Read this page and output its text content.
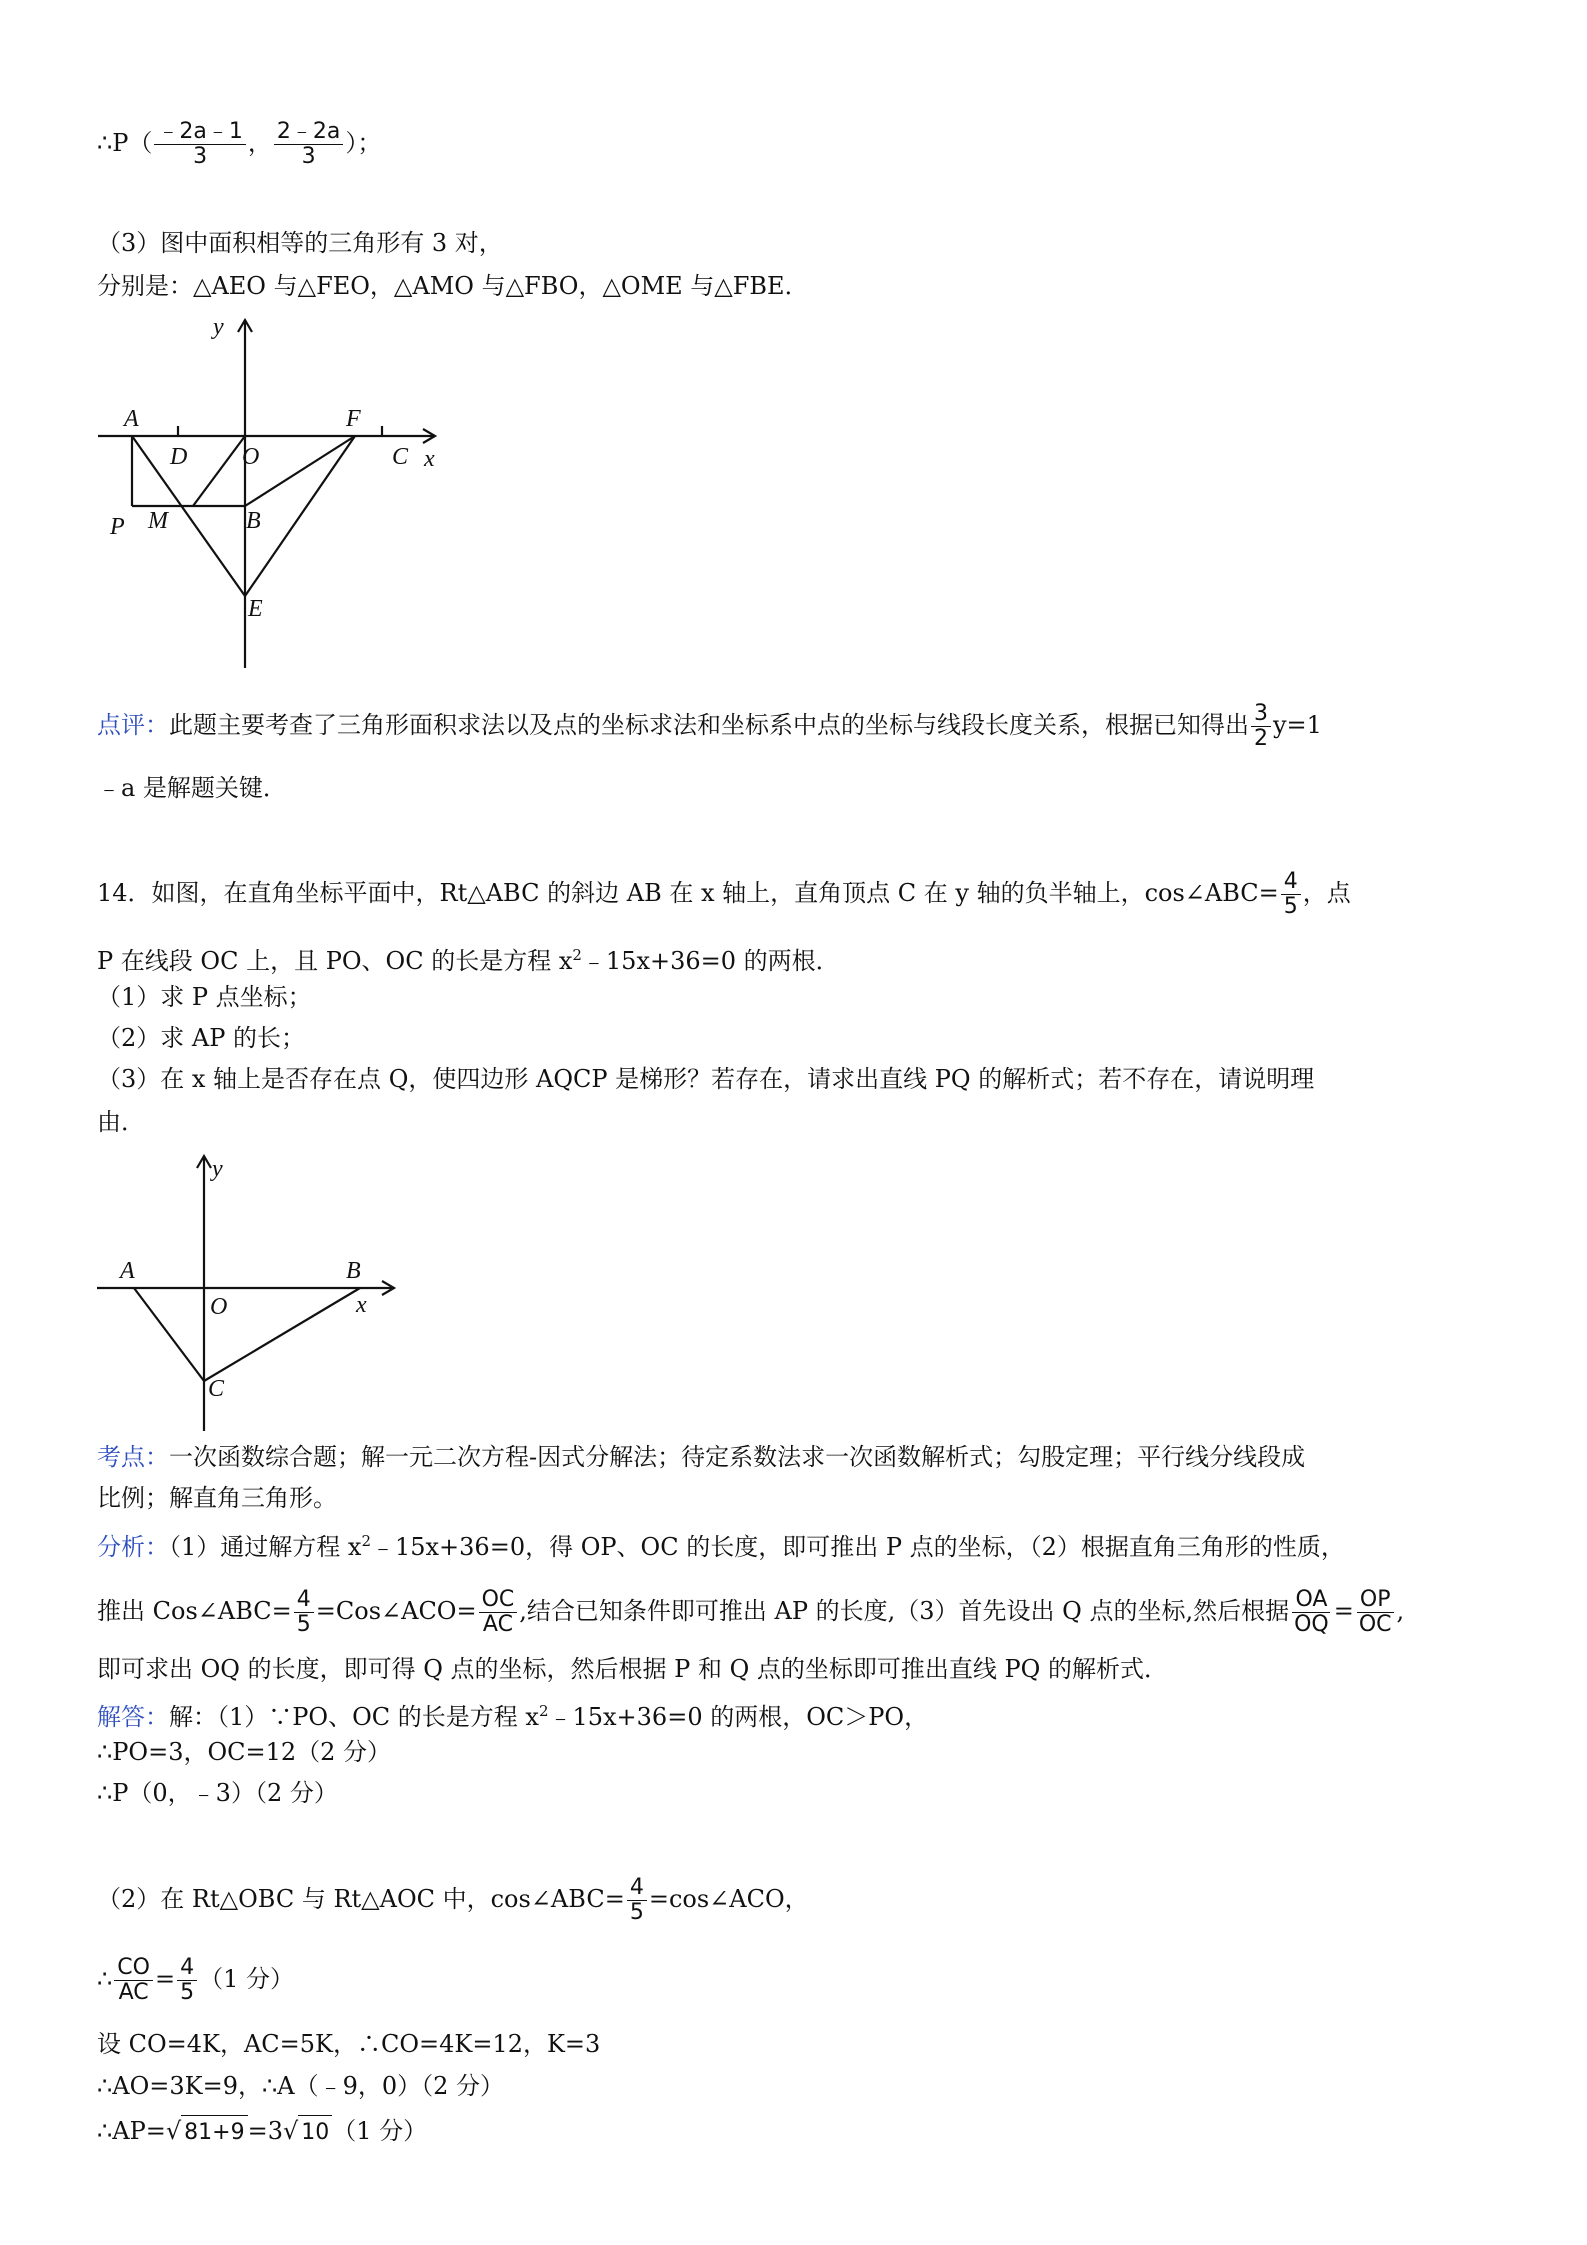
∴P（ $\frac{﹣2a﹣1}{3}$ ， $\frac{2﹣2a}{3}$ ）；
（3）图中面积相等的三角形有 3 对，
分别是：△AEO 与△FEO，△AMO 与△FBO，△OME 与△FBE．
y
A
D O
F
C x
P M	B
E
点评：此题主要考查了三角形面积求法以及点的坐标求法和坐标系中点的坐标与线段长度关系，根据已知得出 $\frac{3}{2} y=1$
﹣a 是解题关键．
14．如图，在直角坐标平面中，Rt△ABC 的斜边 AB 在 x 轴上，直角顶点 C 在 y 轴的负半轴上，cos∠ABC= $\frac{4}{5}$ ，点
P 在线段 OC 上，且 PO、OC 的长是方程 $x^2﹣15x+36=0$ 的两根．
（1）求 P 点坐标；
（2）求 AP 的长；
（3）在 x 轴上是否存在点 Q，使四边形 AQCP 是梯形？若存在，请求出直线 PQ 的解析式；若不存在，请说明理
由．
y
A	B
O	x
C
考点：一次函数综合题；解一元二次方程-因式分解法；待定系数法求一次函数解析式；勾股定理；平行线分线段成
比例；解直角三角形。
分析：（1）通过解方程 $x^2﹣15x+36=0$，得 OP、OC 的长度，即可推出 P 点的坐标，（2）根据直角三角形的性质，
推出 Cos∠ABC= $\frac{4}{5}$ =Cos∠ACO= $\frac{OC}{AC}$ ,结合已知条件即可推出 AP 的长度,（3）首先设出 Q 点的坐标,然后根据 $\frac{OA}{OQ} = \frac{OP}{OC}$ ,
即可求出 OQ 的长度，即可得 Q 点的坐标，然后根据 P 和 Q 点的坐标即可推出直线 PQ 的解析式．
解答：解：（1）∵PO、OC 的长是方程 $x^2﹣15x+36=0$ 的两根，OC＞PO，
∴PO=3，OC=12（2 分）
∴P（0，﹣3）（2 分）
（2）在 Rt△OBC 与 Rt△AOC 中，cos∠ABC= $\frac{4}{5}$ =cos∠ACO，
∴ $\frac{CO}{AC} = \frac{4}{5} (1$ 分）
设 CO=4K，AC=5K，∴CO=4K=12，K=3
∴AO=3K=9，∴A（﹣9，0）（2 分）
∴AP=√ 81+9 =3√ 10 （1 分）
